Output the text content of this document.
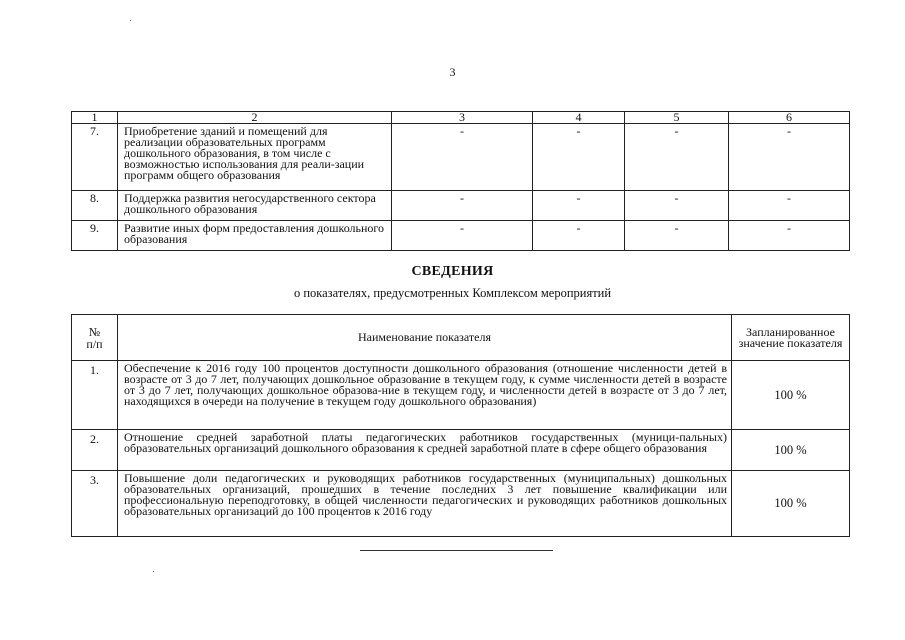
3
1	2	3	4	5	6
7.	Приобретение зданий и помещений для реализации образовательных программ дошкольного образования, в том числе с возможностью использования для реали-зации программ общего образования	-	-	-	-
8.	Поддержка развития негосударственного сектора дошкольного образования	-	-	-	-
9.	Развитие иных форм предоставления дошкольного образования	-	-	-	-
СВЕДЕНИЯ
о показателях, предусмотренных Комплексом мероприятий
№
п/п	Наименование показателя	Запланированное значение показателя
1.	Обеспечение к 2016 году 100 процентов доступности дошкольного образования (отношение численности детей в возрасте от 3 до 7 лет, получающих дошкольное образование в текущем году, к сумме численности детей в возрасте от 3 до 7 лет, получающих дошкольное образова-ние в текущем году, и численности детей в возрасте от 3 до 7 лет, находящихся в очереди на получение в текущем году дошкольного образования)	100 %
2.	Отношение средней заработной платы педагогических работников государственных (муници-пальных) образовательных организаций дошкольного образования к средней заработной плате в сфере общего образования	100 %
3.	Повышение доли педагогических и руководящих работников государственных (муниципальных) дошкольных образовательных организаций, прошедших в течение последних 3 лет повышение квалификации или профессиональную переподготовку, в общей численности педагогических и руководящих работников дошкольных образовательных организаций до 100 процентов к 2016 году	100 %
